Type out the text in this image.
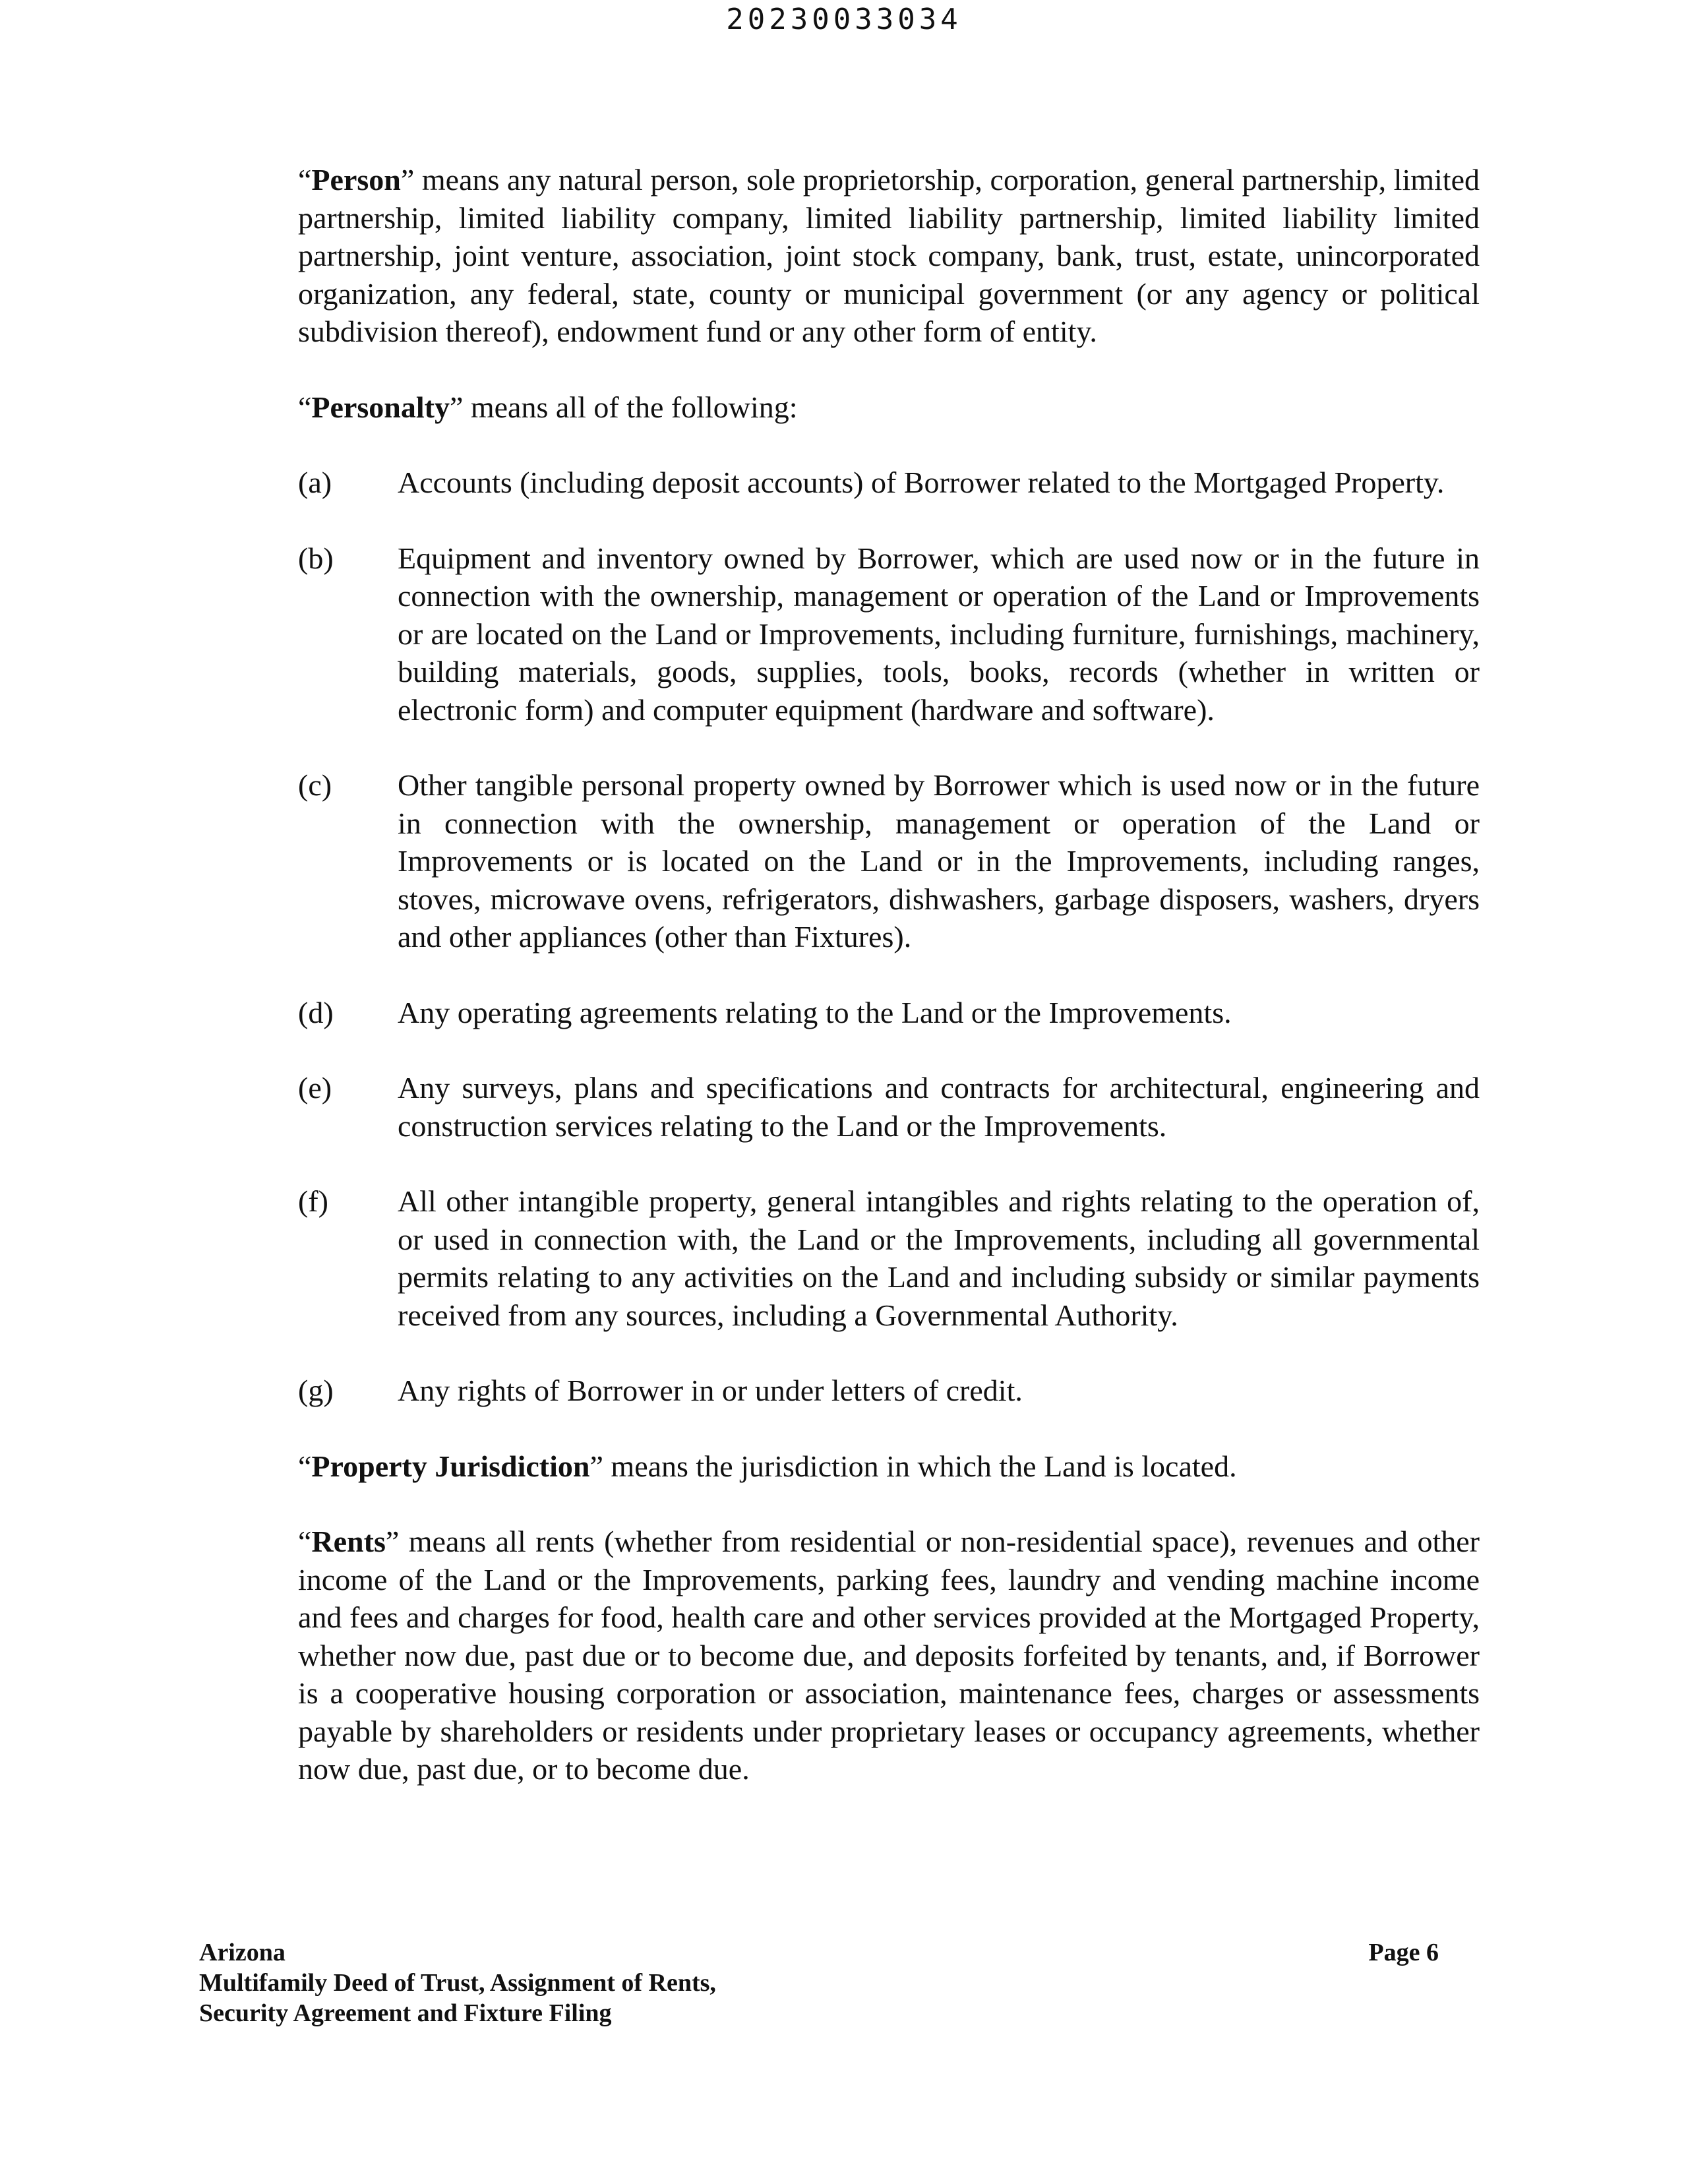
20230033034

“Person” means any natural person, sole proprietorship, corporation, general partnership, limited partnership, limited liability company, limited liability partnership, limited liability limited partnership, joint venture, association, joint stock company, bank, trust, estate, unincorporated organization, any federal, state, county or municipal government (or any agency or political subdivision thereof), endowment fund or any other form of entity.

“Personalty” means all of the following:

(a)	Accounts (including deposit accounts) of Borrower related to the Mortgaged Property.
(b)	Equipment and inventory owned by Borrower, which are used now or in the future in connection with the ownership, management or operation of the Land or Improvements or are located on the Land or Improvements, including furniture, furnishings, machinery, building materials, goods, supplies, tools, books, records (whether in written or electronic form) and computer equipment (hardware and software).
(c)	Other tangible personal property owned by Borrower which is used now or in the future in connection with the ownership, management or operation of the Land or Improvements or is located on the Land or in the Improvements, including ranges, stoves, microwave ovens, refrigerators, dishwashers, garbage disposers, washers, dryers and other appliances (other than Fixtures).
(d)	Any operating agreements relating to the Land or the Improvements.
(e)	Any surveys, plans and specifications and contracts for architectural, engineering and construction services relating to the Land or the Improvements.
(f)	All other intangible property, general intangibles and rights relating to the operation of, or used in connection with, the Land or the Improvements, including all governmental permits relating to any activities on the Land and including subsidy or similar payments received from any sources, including a Governmental Authority.
(g)	Any rights of Borrower in or under letters of credit.

“Property Jurisdiction” means the jurisdiction in which the Land is located.

“Rents” means all rents (whether from residential or non-residential space), revenues and other income of the Land or the Improvements, parking fees, laundry and vending machine income and fees and charges for food, health care and other services provided at the Mortgaged Property, whether now due, past due or to become due, and deposits forfeited by tenants, and, if Borrower is a cooperative housing corporation or association, maintenance fees, charges or assessments payable by shareholders or residents under proprietary leases or occupancy agreements, whether now due, past due, or to become due.

Arizona
Multifamily Deed of Trust, Assignment of Rents,
Security Agreement and Fixture Filing
Page 6
